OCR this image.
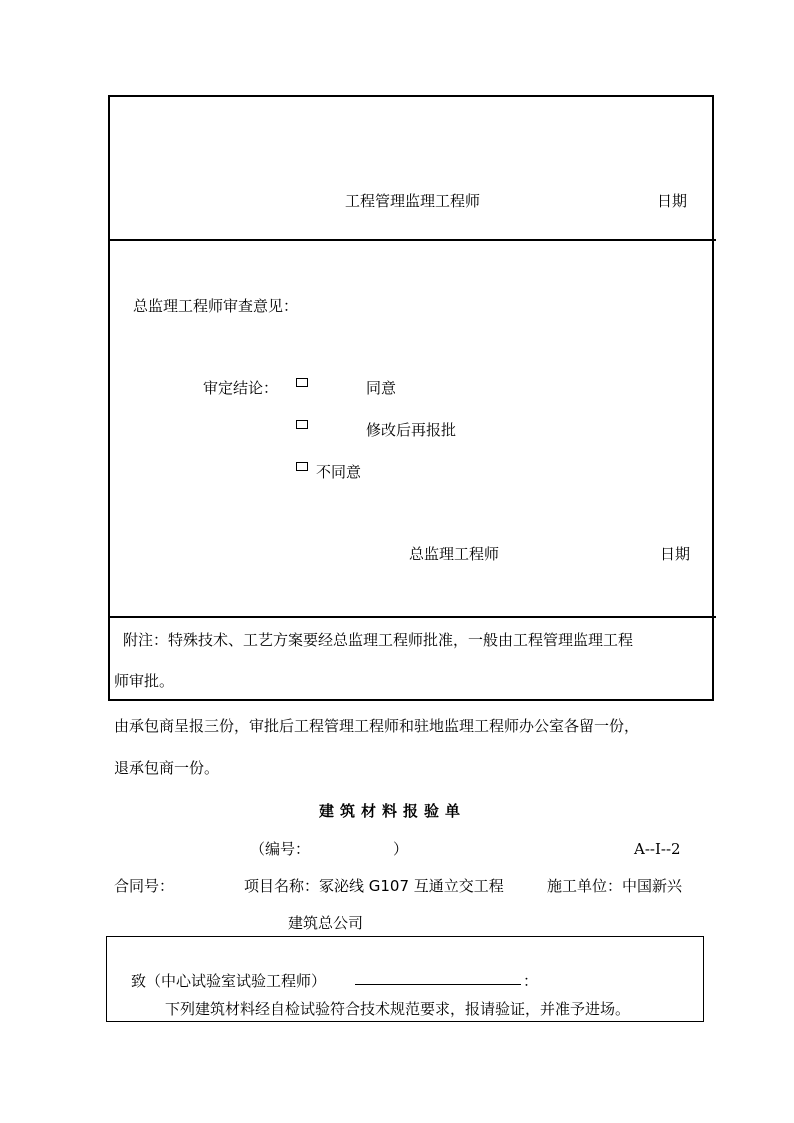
工程管理监理工程师	日期
总监理工程师审查意见：
审定结论：	同意
修改后再报批
不同意
总监理工程师	日期
附注：特殊技术、工艺方案要经总监理工程师批准，一般由工程管理监理工程
师审批。
由承包商呈报三份，审批后工程管理工程师和驻地监理工程师办公室各留一份，
退承包商一份。
建筑材料报验单
（编号：	）	A--I--2
合同号：	项目名称：冢泌线 G107 互通立交工程	施工单位：中国新兴
建筑总公司
致（中心试验室试验工程师）	：
下列建筑材料经自检试验符合技术规范要求，报请验证，并准予进场。
